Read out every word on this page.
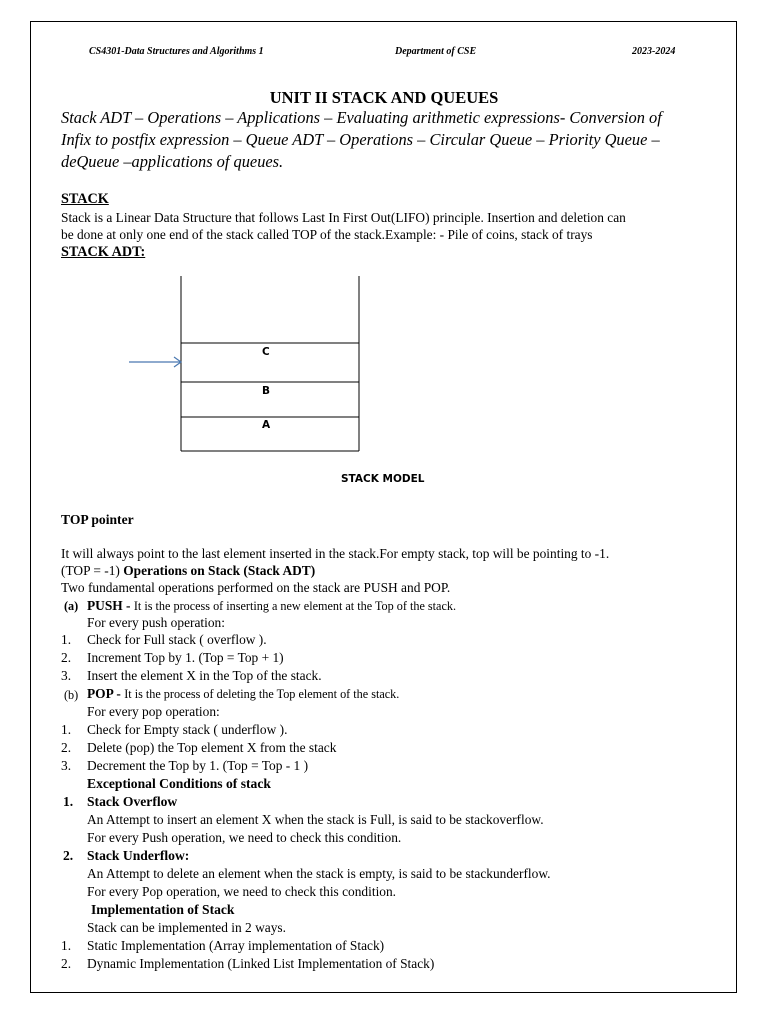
CS4301-Data Structures and Algorithms 1	Department of CSE	2023-2024
UNIT II STACK AND QUEUES
Stack ADT – Operations – Applications – Evaluating arithmetic expressions- Conversion of
Infix to postfix expression – Queue ADT – Operations – Circular Queue – Priority Queue –
deQueue –applications of queues.
STACK
Stack is a Linear Data Structure that follows Last In First Out(LIFO) principle. Insertion and deletion can
be done at only one end of the stack called TOP of the stack.Example: - Pile of coins, stack of trays
STACK ADT:
C
B
A
STACK MODEL
TOP pointer
It will always point to the last element inserted in the stack.For empty stack, top will be pointing to -1.
(TOP = -1) Operations on Stack (Stack ADT)
Two fundamental operations performed on the stack are PUSH and POP.
(a) PUSH - It is the process of inserting a new element at the Top of the stack.
For every push operation:
1. Check for Full stack ( overflow ).
2. Increment Top by 1. (Top = Top + 1)
3. Insert the element X in the Top of the stack.
(b) POP - It is the process of deleting the Top element of the stack.
For every pop operation:
1. Check for Empty stack ( underflow ).
2. Delete (pop) the Top element X from the stack
3. Decrement the Top by 1. (Top = Top - 1 )
Exceptional Conditions of stack
1. Stack Overflow
An Attempt to insert an element X when the stack is Full, is said to be stackoverflow.
For every Push operation, we need to check this condition.
2. Stack Underflow:
An Attempt to delete an element when the stack is empty, is said to be stackunderflow.
For every Pop operation, we need to check this condition.
Implementation of Stack
Stack can be implemented in 2 ways.
1. Static Implementation (Array implementation of Stack)
2. Dynamic Implementation (Linked List Implementation of Stack)
